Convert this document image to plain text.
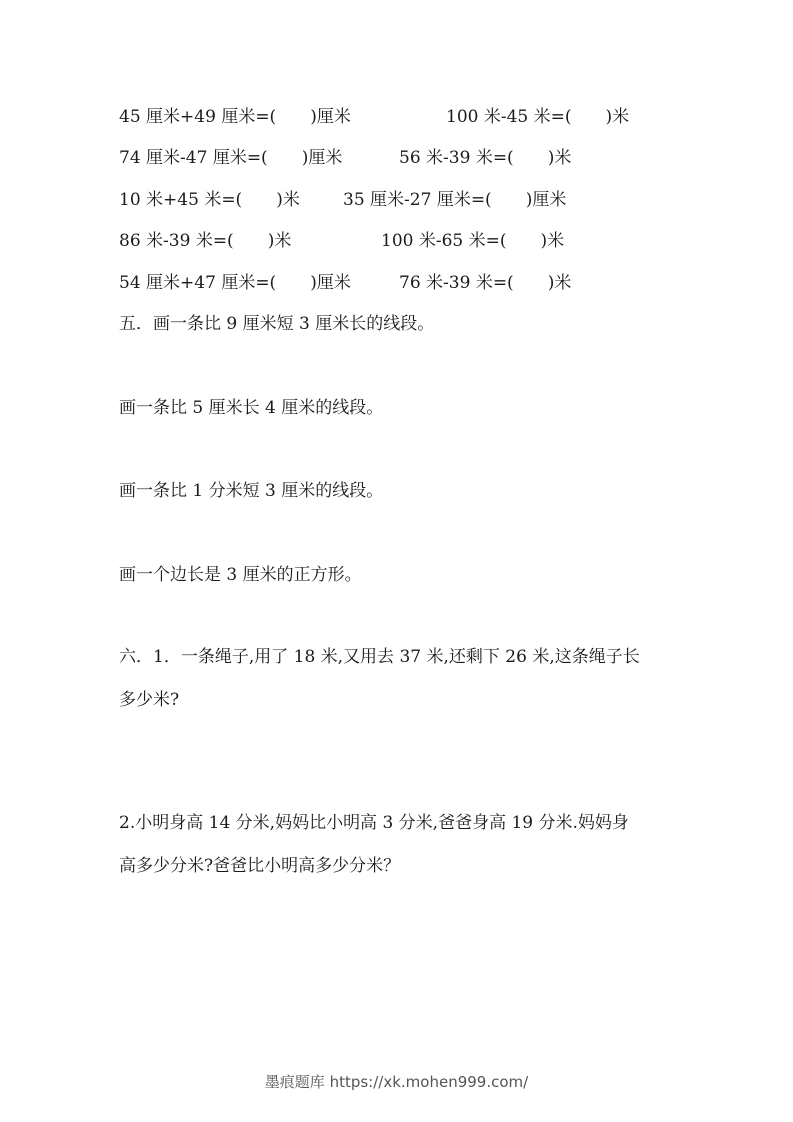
45 厘米+49 厘米=(　　)厘米	100 米-45 米=(　　)米
74 厘米-47 厘米=(　　)厘米	56 米-39 米=(　　)米
10 米+45 米=(　　)米	35 厘米-27 厘米=(　　)厘米
86 米-39 米=(　　)米	100 米-65 米=(　　)米
54 厘米+47 厘米=(　　)厘米	76 米-39 米=(　　)米
五．画一条比 9 厘米短 3 厘米长的线段。
画一条比 5 厘米长 4 厘米的线段。
画一条比 1 分米短 3 厘米的线段。
画一个边长是 3 厘米的正方形。
六．1．一条绳子,用了 18 米,又用去 37 米,还剩下 26 米,这条绳子长
多少米?
2.小明身高 14 分米,妈妈比小明高 3 分米,爸爸身高 19 分米.妈妈身
高多少分米?爸爸比小明高多少分米？
墨痕题库 https://xk.mohen999.com/
